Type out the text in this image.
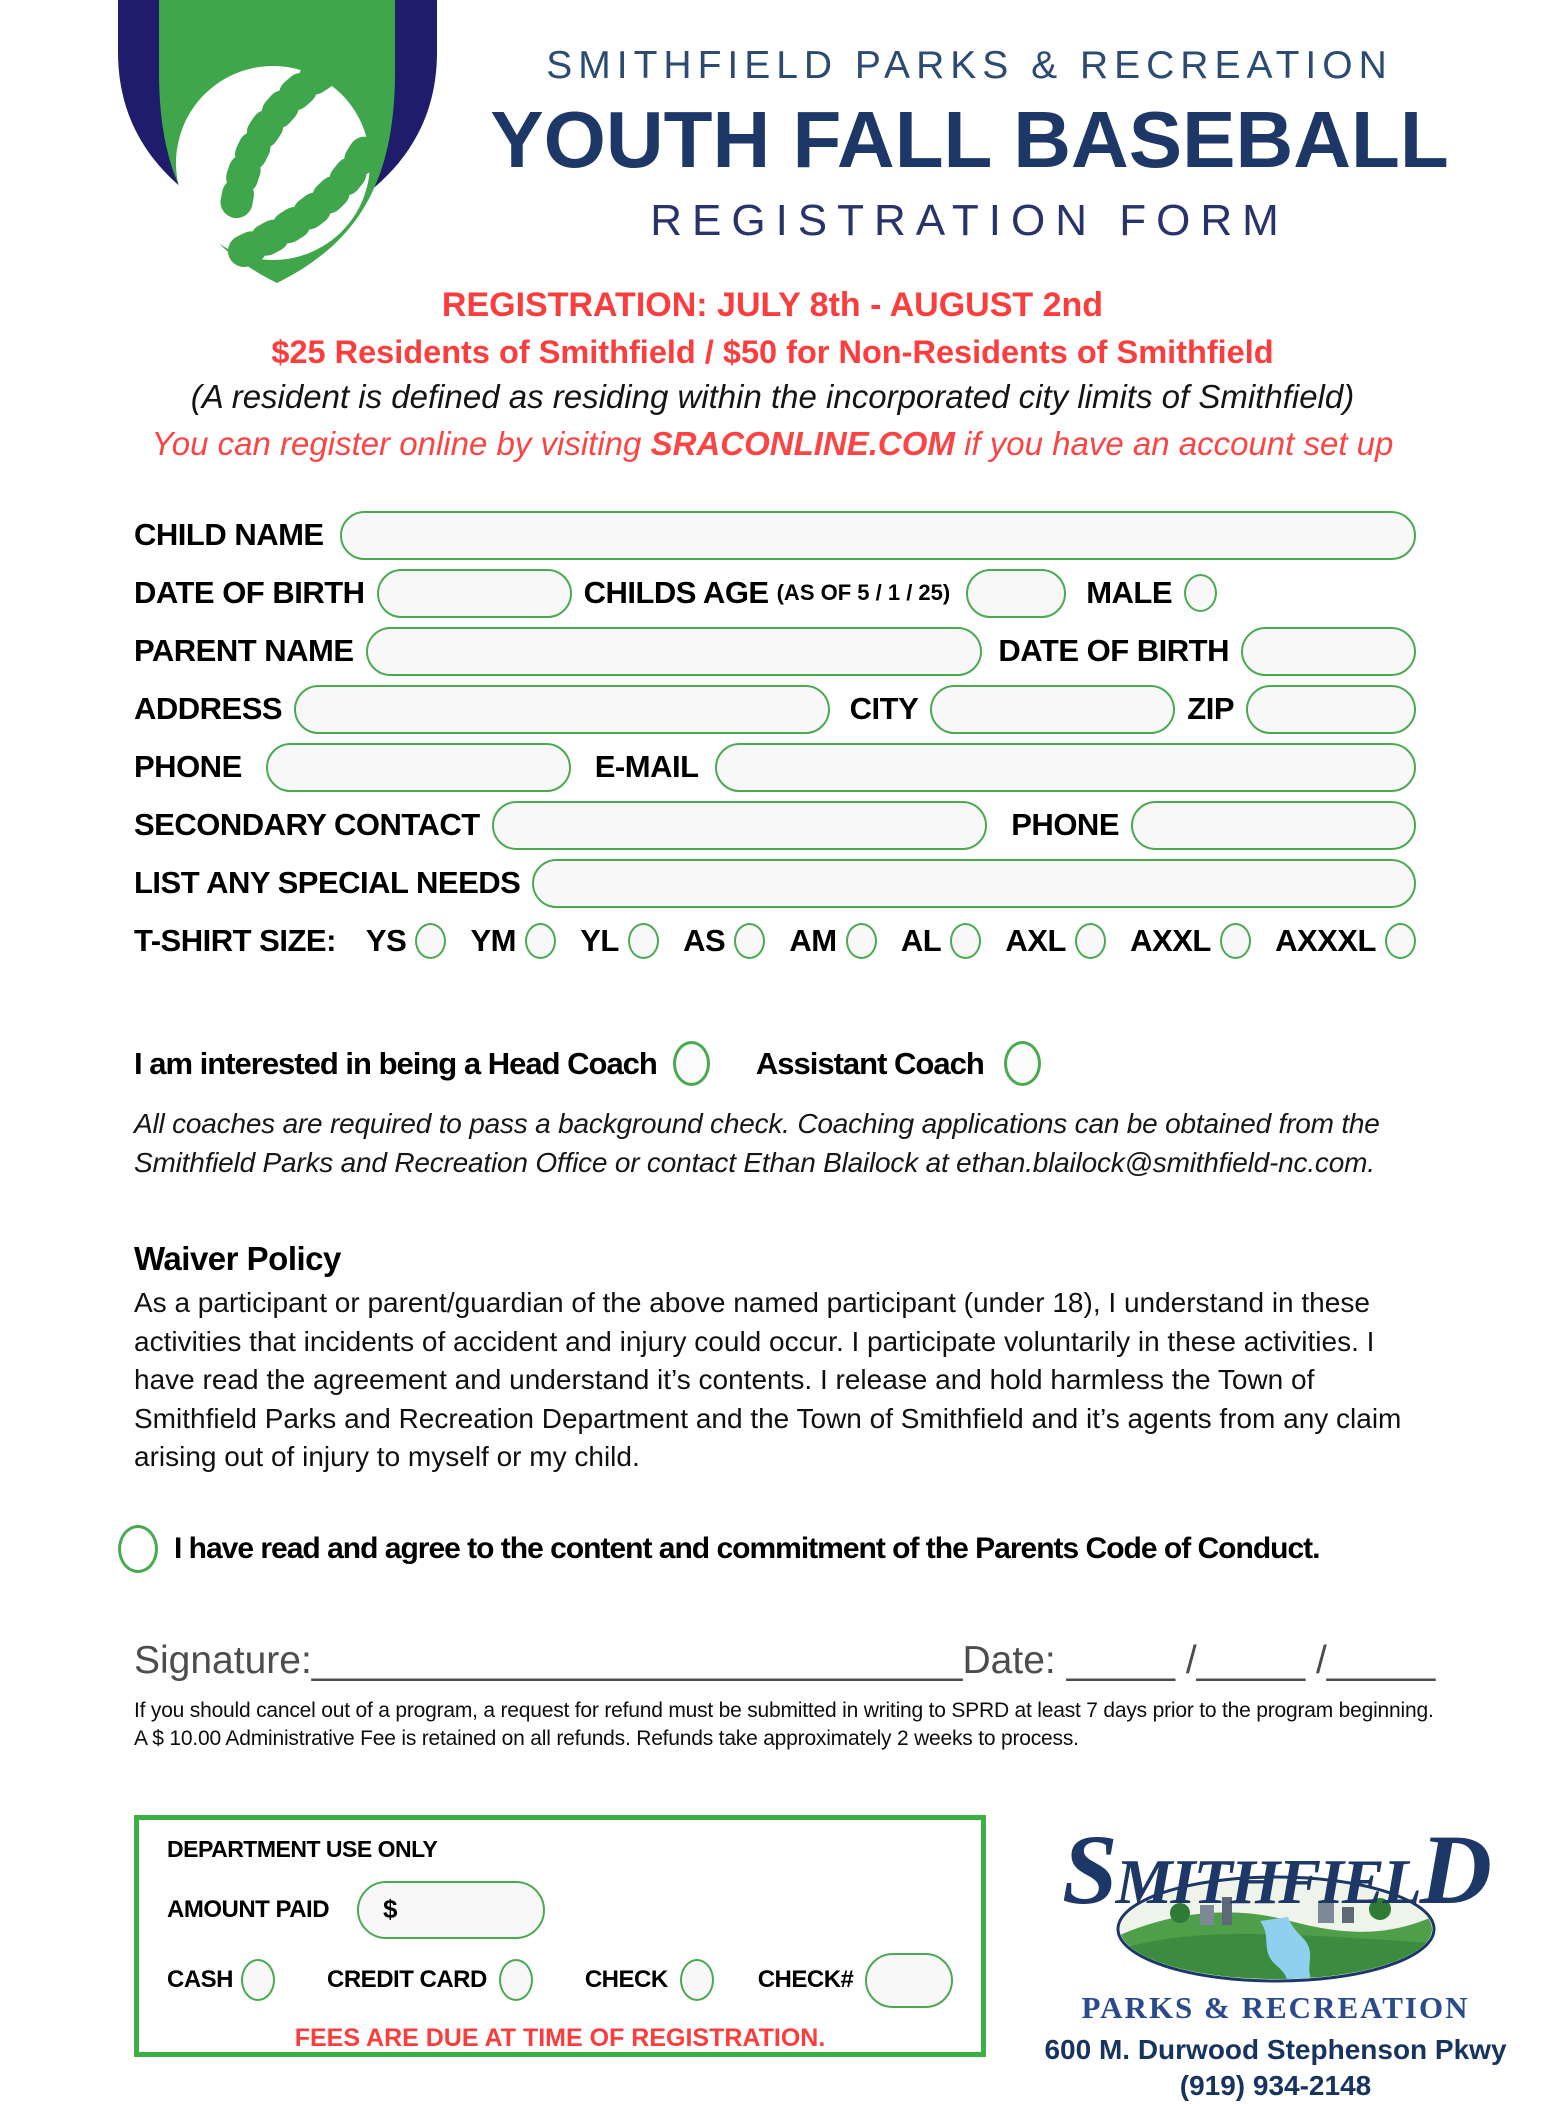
SMITHFIELD PARKS & RECREATION
YOUTH FALL BASEBALL
REGISTRATION FORM
REGISTRATION: JULY 8th - AUGUST 2nd
$25 Residents of Smithfield / $50 for Non-Residents of Smithfield
(A resident is defined as residing within the incorporated city limits of Smithfield)
You can register online by visiting SRACONLINE.COM if you have an account set up
CHILD NAME
DATE OF BIRTH	CHILDS AGE (AS OF 5 / 1 / 25)	MALE
PARENT NAME	DATE OF BIRTH
ADDRESS	CITY	ZIP
PHONE	E-MAIL
SECONDARY CONTACT	PHONE
LIST ANY SPECIAL NEEDS
T-SHIRT SIZE: YS YM YL AS AM AL AXL AXXL AXXXL
I am interested in being a Head Coach	Assistant Coach
All coaches are required to pass a background check. Coaching applications can be obtained from the
Smithfield Parks and Recreation Office or contact Ethan Blailock at ethan.blailock@smithfield-nc.com.
Waiver Policy
As a participant or parent/guardian of the above named participant (under 18), I understand in these activities that incidents of accident and injury could occur. I participate voluntarily in these activities. I have read the agreement and understand it’s contents. I release and hold harmless the Town of Smithfield Parks and Recreation Department and the Town of Smithfield and it’s agents from any claim arising out of injury to myself or my child.
I have read and agree to the content and commitment of the Parents Code of Conduct.
Signature:______________________________ Date: _____ /_____ /_____
If you should cancel out of a program, a request for refund must be submitted in writing to SPRD at least 7 days prior to the program beginning.
A $ 10.00 Administrative Fee is retained on all refunds. Refunds take approximately 2 weeks to process.
DEPARTMENT USE ONLY
AMOUNT PAID $
CASH	CREDIT CARD	CHECK	CHECK#
FEES ARE DUE AT TIME OF REGISTRATION.
SMITHFIELD
PARKS & RECREATION
600 M. Durwood Stephenson Pkwy
(919) 934-2148
